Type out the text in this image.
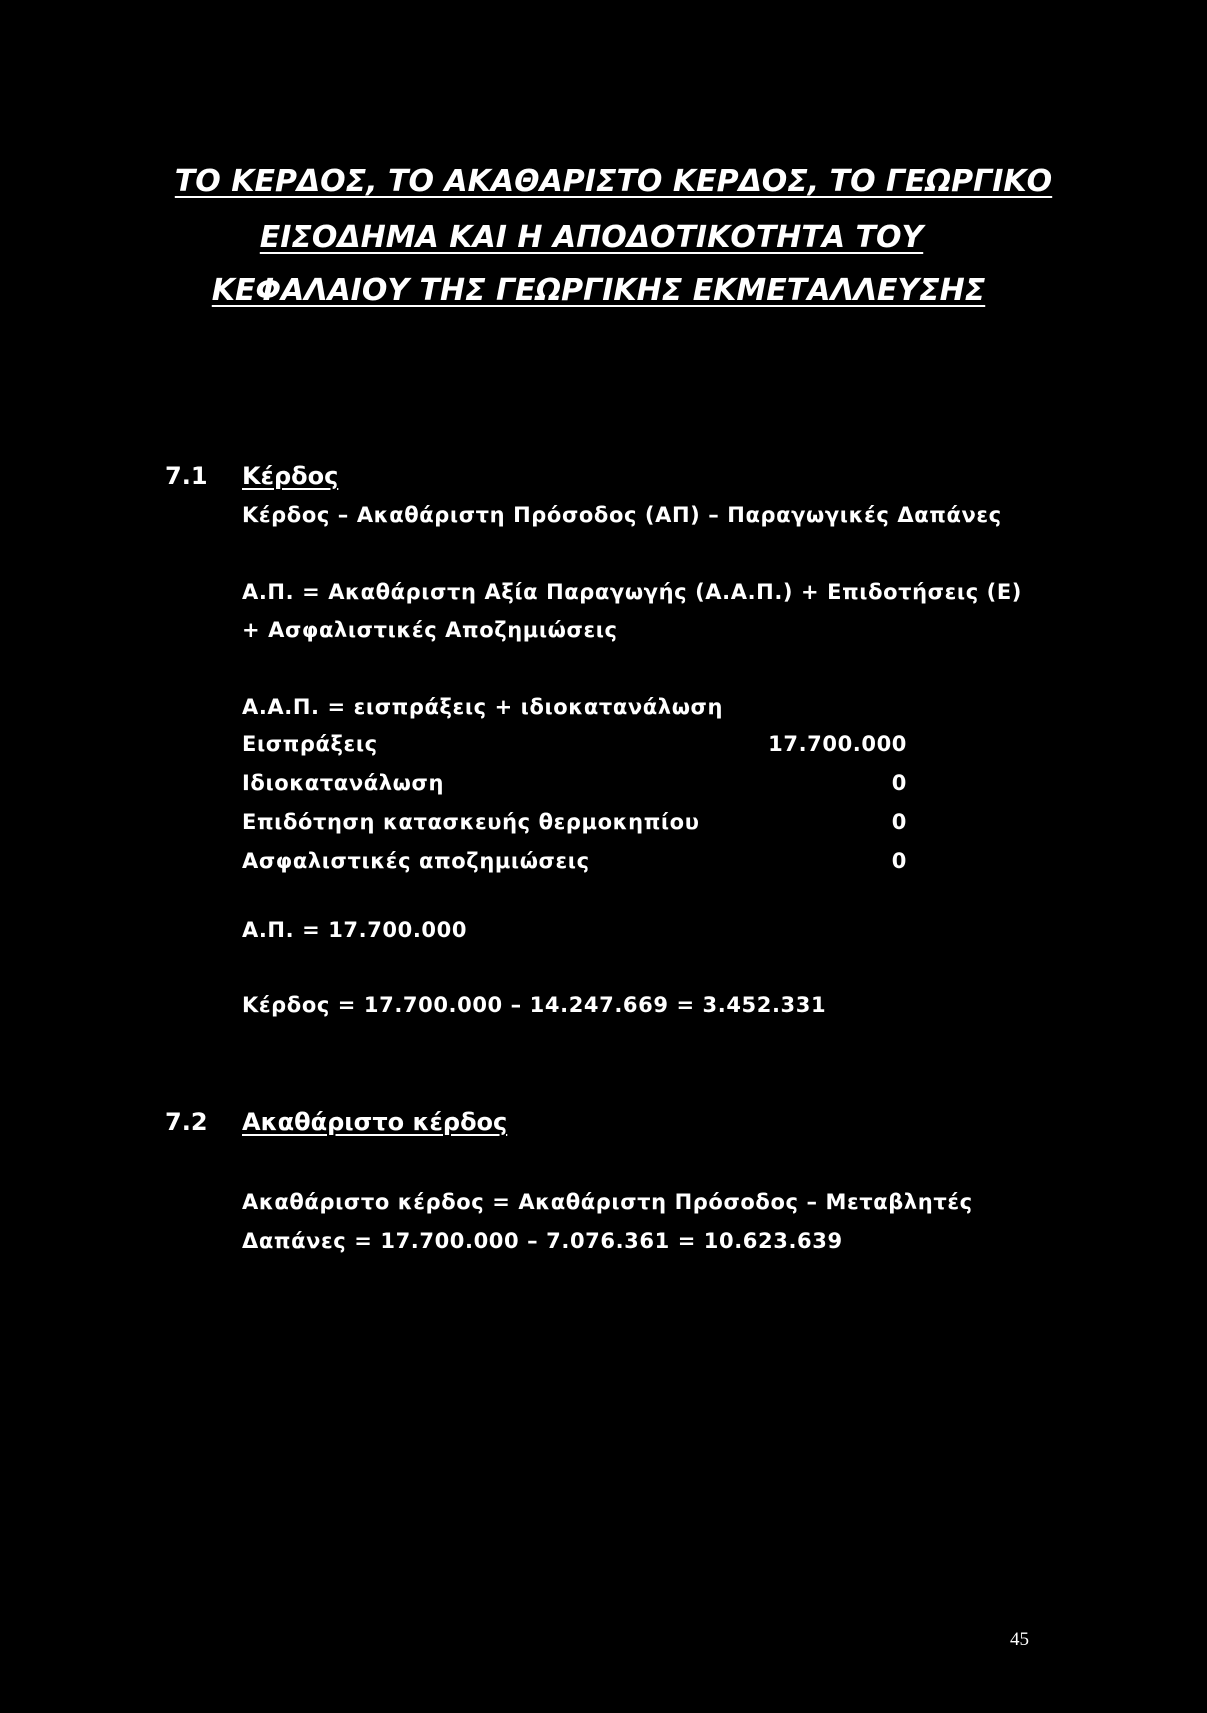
ΤΟ ΚΕΡΔΟΣ, ΤΟ ΑΚΑΘΑΡΙΣΤΟ ΚΕΡΔΟΣ, ΤΟ ΓΕΩΡΓΙΚΟ
ΕΙΣΟΔΗΜΑ ΚΑΙ Η ΑΠΟΔΟΤΙΚΟΤΗΤΑ ΤΟΥ
ΚΕΦΑΛΑΙΟΥ ΤΗΣ ΓΕΩΡΓΙΚΗΣ ΕΚΜΕΤΑΛΛΕΥΣΗΣ
7.1 Κέρδος
Κέρδος – Ακαθάριστη Πρόσοδος (ΑΠ) – Παραγωγικές Δαπάνες
Α.Π. = Ακαθάριστη Αξία Παραγωγής (Α.Α.Π.) + Επιδοτήσεις (Ε)
+ Ασφαλιστικές Αποζημιώσεις
Α.Α.Π. = εισπράξεις + ιδιοκατανάλωση
Εισπράξεις	17.700.000
Ιδιοκατανάλωση	0
Επιδότηση κατασκευής θερμοκηπίου	0
Ασφαλιστικές αποζημιώσεις	0
Α.Π. = 17.700.000
Κέρδος = 17.700.000 – 14.247.669 = 3.452.331
7.2 Ακαθάριστο κέρδος
Ακαθάριστο κέρδος = Ακαθάριστη Πρόσοδος – Μεταβλητές
Δαπάνες = 17.700.000 – 7.076.361 = 10.623.639
45
